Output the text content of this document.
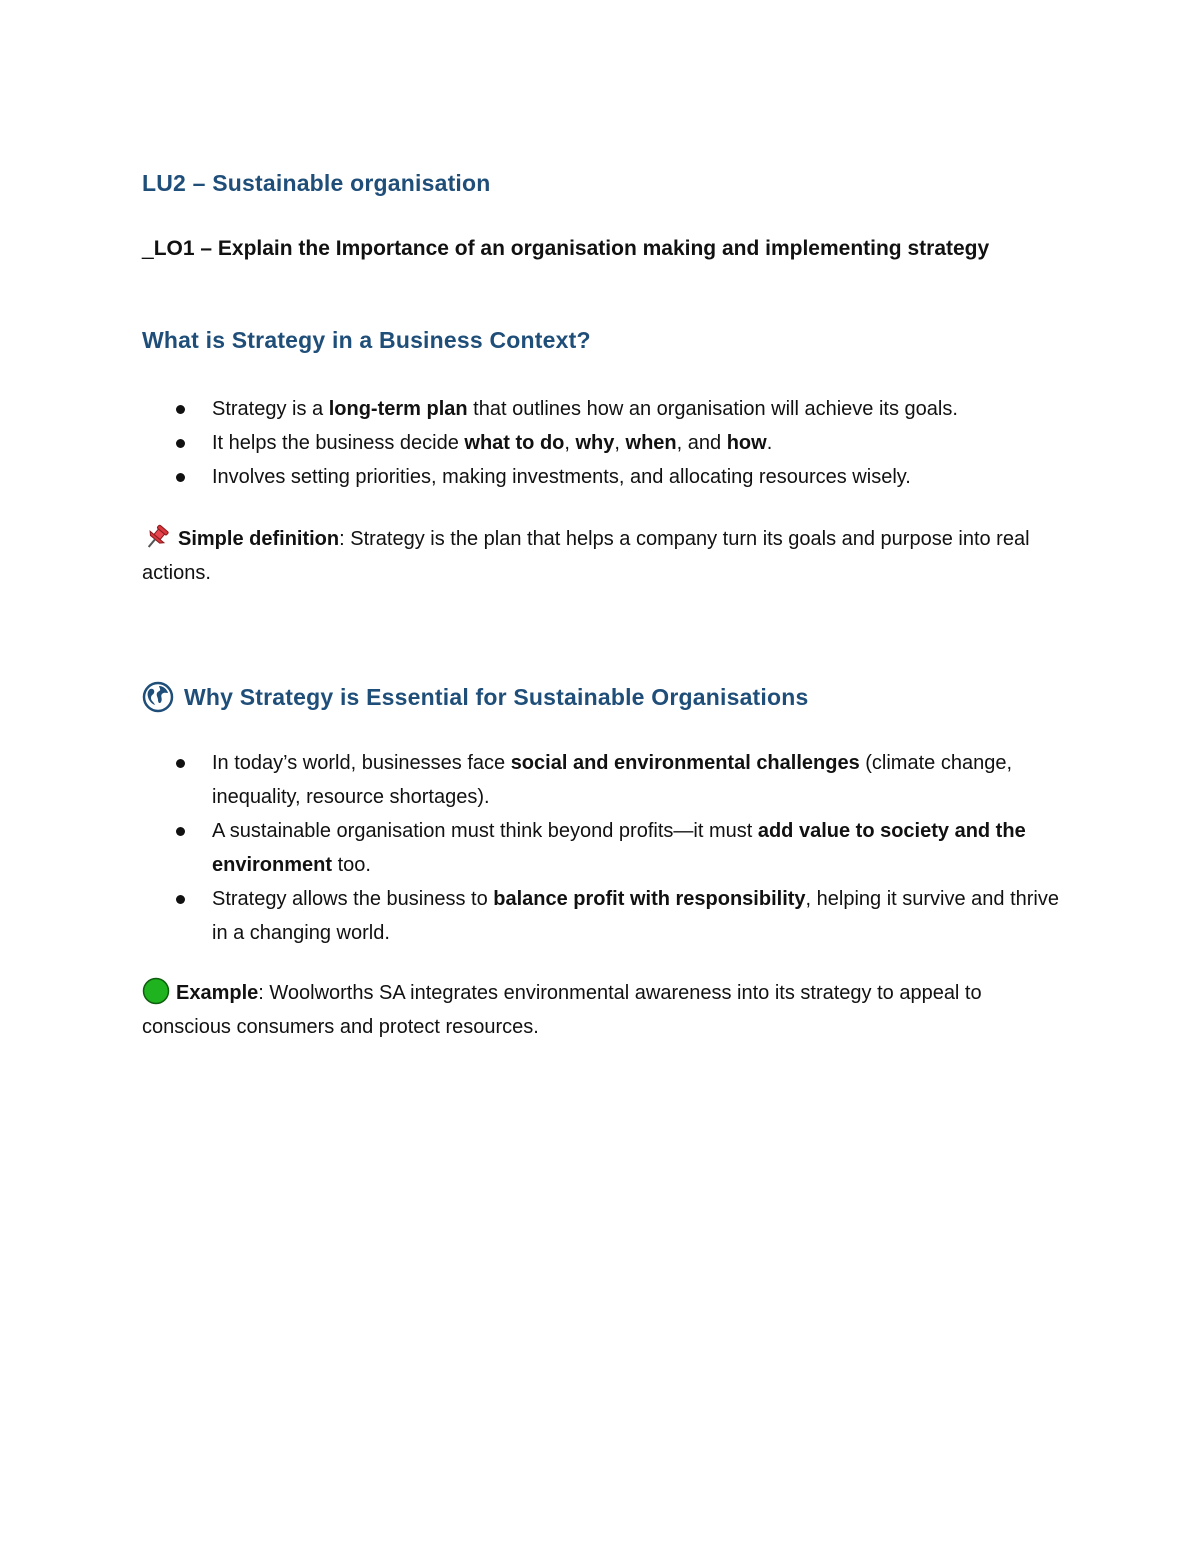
LU2 – Sustainable organisation

_LO1 – Explain the Importance of an organisation making and implementing strategy

What is Strategy in a Business Context?
Strategy is a long-term plan that outlines how an organisation will achieve its goals.
It helps the business decide what to do, why, when, and how.
Involves setting priorities, making investments, and allocating resources wisely.

Simple definition: Strategy is the plan that helps a company turn its goals and purpose into real actions.

Why Strategy is Essential for Sustainable Organisations
In today’s world, businesses face social and environmental challenges (climate change, inequality, resource shortages).
A sustainable organisation must think beyond profits—it must add value to society and the environment too.
Strategy allows the business to balance profit with responsibility, helping it survive and thrive in a changing world.

Example: Woolworths SA integrates environmental awareness into its strategy to appeal to conscious consumers and protect resources.
